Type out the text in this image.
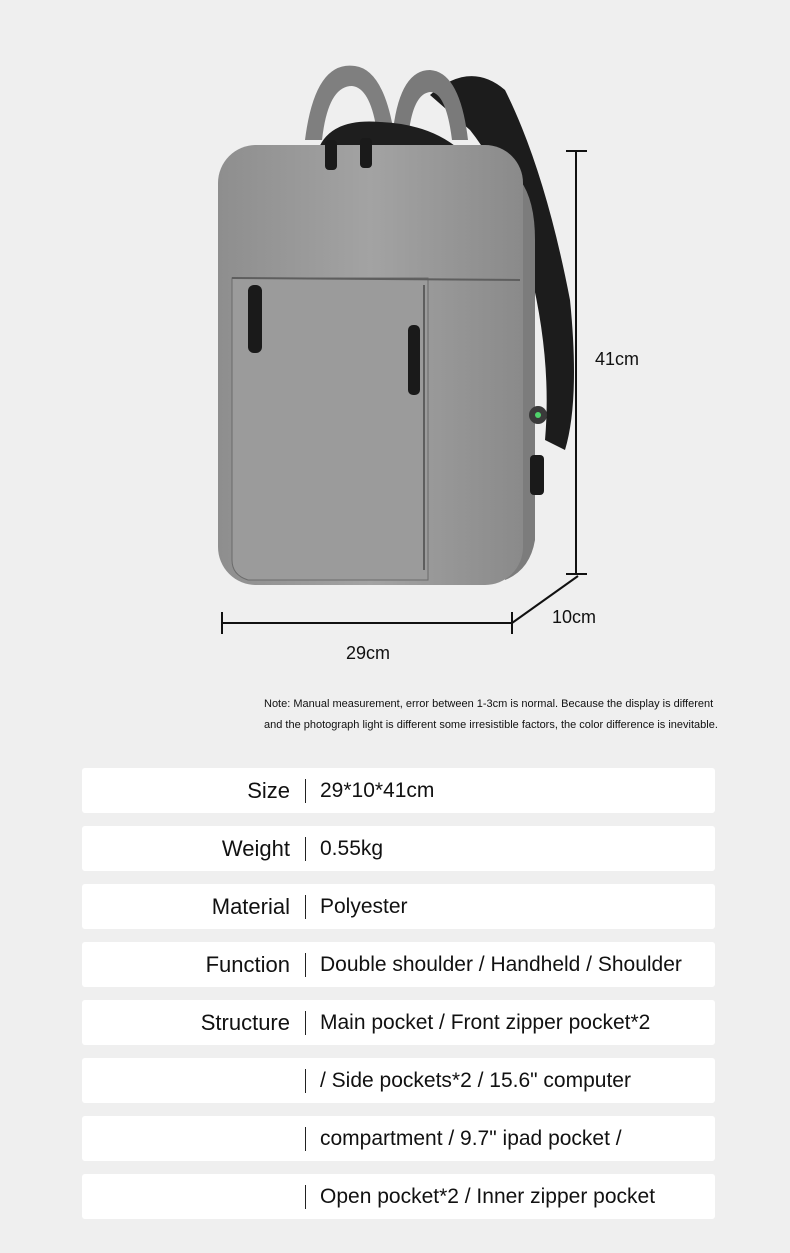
41cm
10cm
29cm
Note: Manual measurement, error between 1-3cm is normal. Because the display is different
and the photograph light is different some irresistible factors, the color difference is inevitable.
Size 29*10*41cm
Weight 0.55kg
Material Polyester
Function Double shoulder / Handheld / Shoulder
Structure Main pocket / Front zipper pocket*2
/ Side pockets*2 / 15.6" computer
compartment / 9.7" ipad pocket /
Open pocket*2 / Inner zipper pocket
